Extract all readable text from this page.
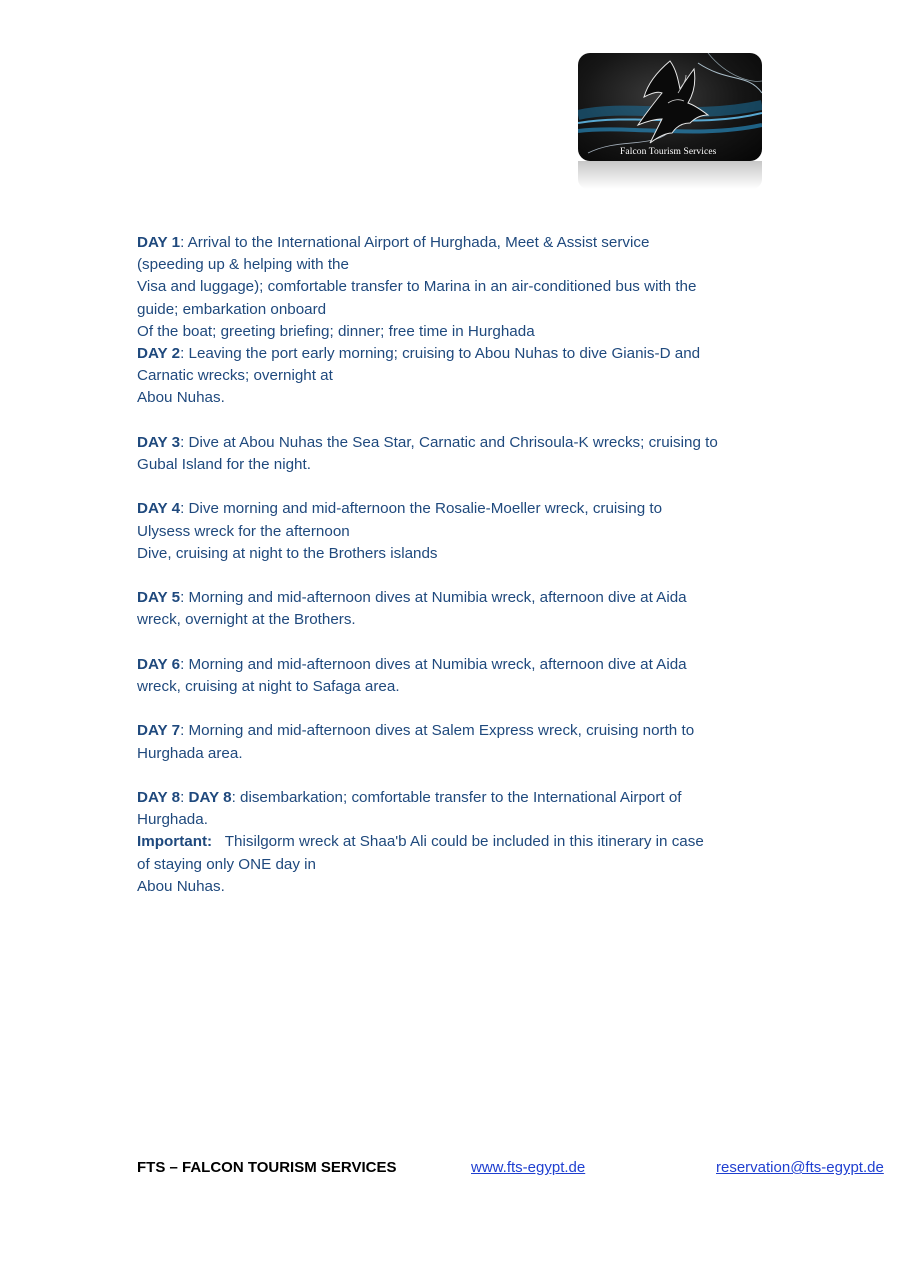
Falcon Tourism Services
DAY 1: Arrival to the International Airport of Hurghada, Meet & Assist service
(speeding up & helping with the
Visa and luggage); comfortable transfer to Marina in an air-conditioned bus with the
guide; embarkation onboard
Of the boat; greeting briefing; dinner; free time in Hurghada
DAY 2: Leaving the port early morning; cruising to Abou Nuhas to dive Gianis-D and
Carnatic wrecks; overnight at
Abou Nuhas.
DAY 3: Dive at Abou Nuhas the Sea Star, Carnatic and Chrisoula-K wrecks; cruising to
Gubal Island for the night.
DAY 4: Dive morning and mid-afternoon the Rosalie-Moeller wreck, cruising to
Ulysess wreck for the afternoon
Dive, cruising at night to the Brothers islands
DAY 5: Morning and mid-afternoon dives at Numibia wreck, afternoon dive at Aida
wreck, overnight at the Brothers.
DAY 6: Morning and mid-afternoon dives at Numibia wreck, afternoon dive at Aida
wreck, cruising at night to Safaga area.
DAY 7: Morning and mid-afternoon dives at Salem Express wreck, cruising north to
Hurghada area.
DAY 8: DAY 8: disembarkation; comfortable transfer to the International Airport of
Hurghada.
Important: Thisilgorm wreck at Shaa'b Ali could be included in this itinerary in case
of staying only ONE day in
Abou Nuhas.
FTS – FALCON TOURISM SERVICES	www.fts-egypt.de	reservation@fts-egypt.de
